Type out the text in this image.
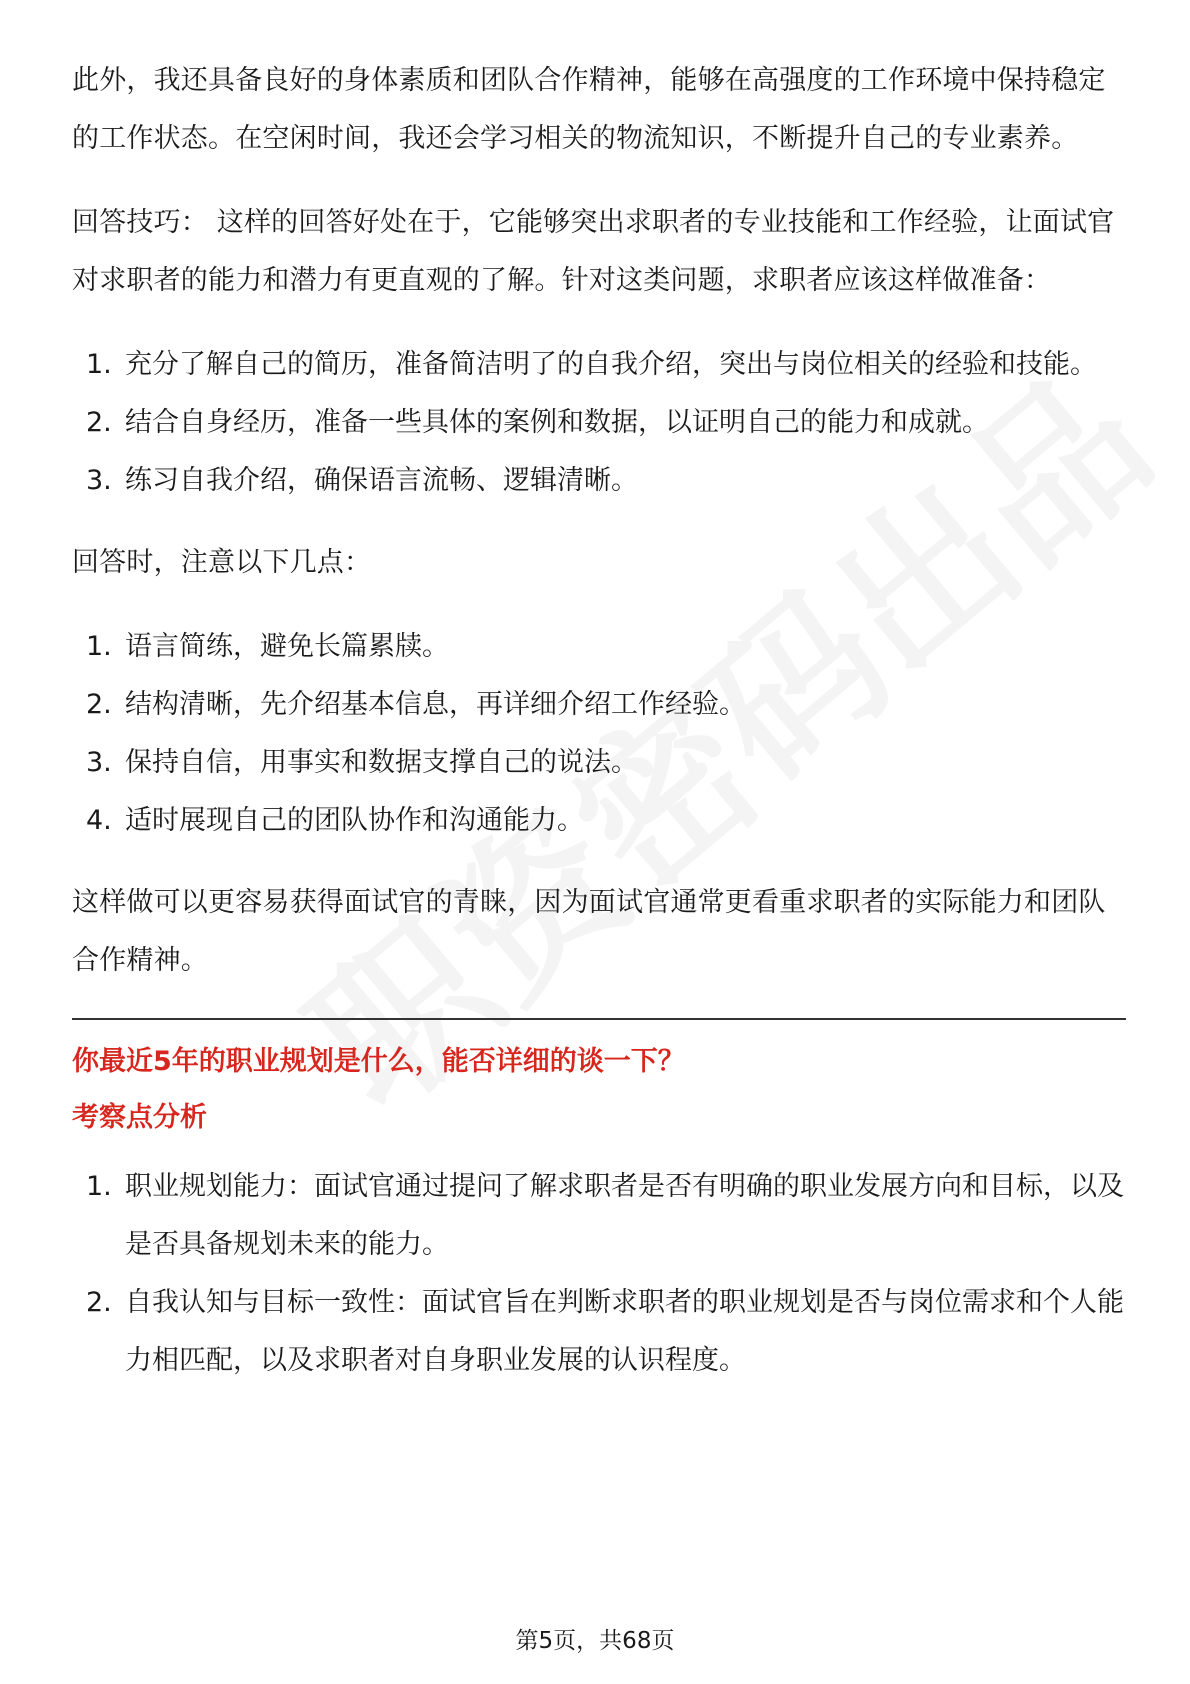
此外，我还具备良好的身体素质和团队合作精神，能够在高强度的工作环境中保持稳定的工作状态。在空闲时间，我还会学习相关的物流知识，不断提升自己的专业素养。

回答技巧： 这样的回答好处在于，它能够突出求职者的专业技能和工作经验，让面试官对求职者的能力和潜力有更直观的了解。针对这类问题，求职者应该这样做准备：

1. 充分了解自己的简历，准备简洁明了的自我介绍，突出与岗位相关的经验和技能。
2. 结合自身经历，准备一些具体的案例和数据，以证明自己的能力和成就。
3. 练习自我介绍，确保语言流畅、逻辑清晰。

回答时，注意以下几点：

1. 语言简练，避免长篇累牍。
2. 结构清晰，先介绍基本信息，再详细介绍工作经验。
3. 保持自信，用事实和数据支撑自己的说法。
4. 适时展现自己的团队协作和沟通能力。

这样做可以更容易获得面试官的青睐，因为面试官通常更看重求职者的实际能力和团队合作精神。

你最近5年的职业规划是什么，能否详细的谈一下？

考察点分析

1. 职业规划能力：面试官通过提问了解求职者是否有明确的职业发展方向和目标，以及是否具备规划未来的能力。
2. 自我认知与目标一致性：面试官旨在判断求职者的职业规划是否与岗位需求和个人能力相匹配，以及求职者对自身职业发展的认识程度。
第5页，共68页
